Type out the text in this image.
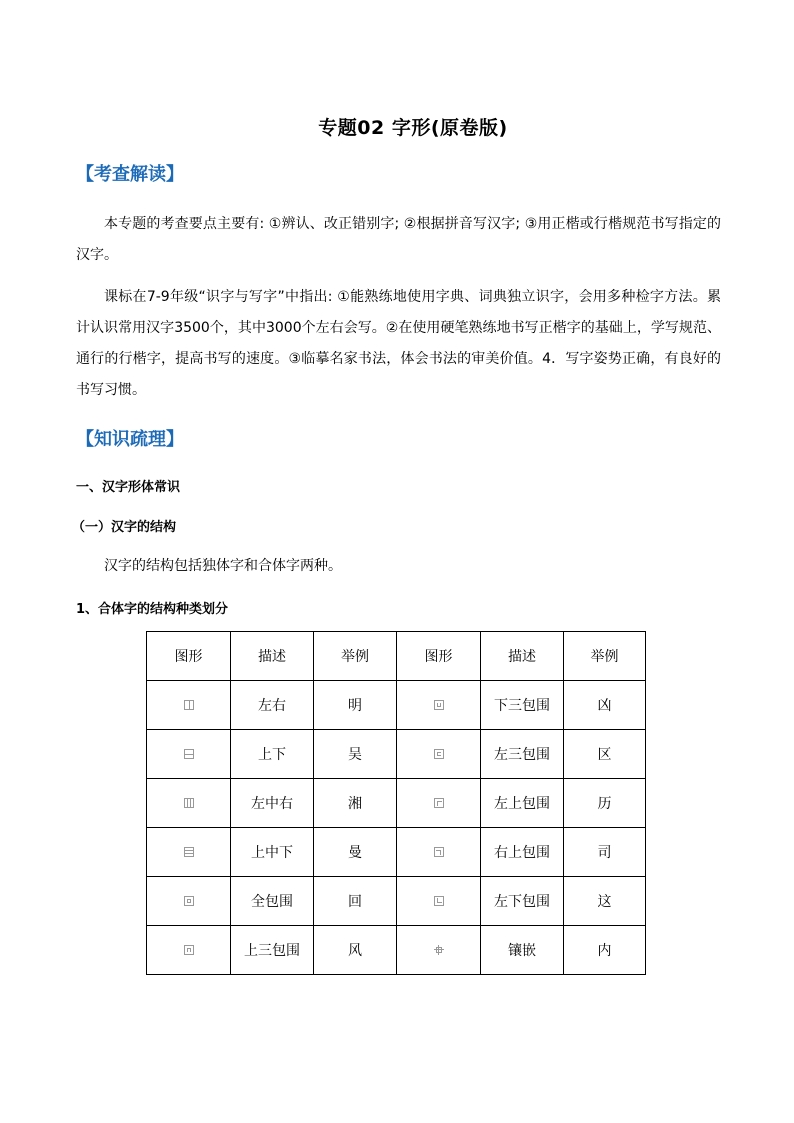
专题02 字形(原卷版)
【考查解读】
本专题的考查要点主要有: ①辨认、改正错别字; ②根据拼音写汉字; ③用正楷或行楷规范书写指定的汉字。
课标在7-9年级“识字与写字”中指出: ①能熟练地使用字典、词典独立识字，会用多种检字方法。累计认识常用汉字3500个，其中3000个左右会写。②在使用硬笔熟练地书写正楷字的基础上，学写规范、通行的行楷字，提高书写的速度。③临摹名家书法，体会书法的审美价值。4．写字姿势正确，有良好的书写习惯。
【知识疏理】
一、汉字形体常识
（一）汉字的结构
汉字的结构包括独体字和合体字两种。
1、合体字的结构种类划分
图形	描述	举例	图形	描述	举例

	左右	明		下三包围	凶

	上下	吴		左三包围	区

	左中右	湘		左上包围	历

	上中下	曼		右上包围	司

	全包围	回		左下包围	这

	上三包围	风		镶嵌	内
